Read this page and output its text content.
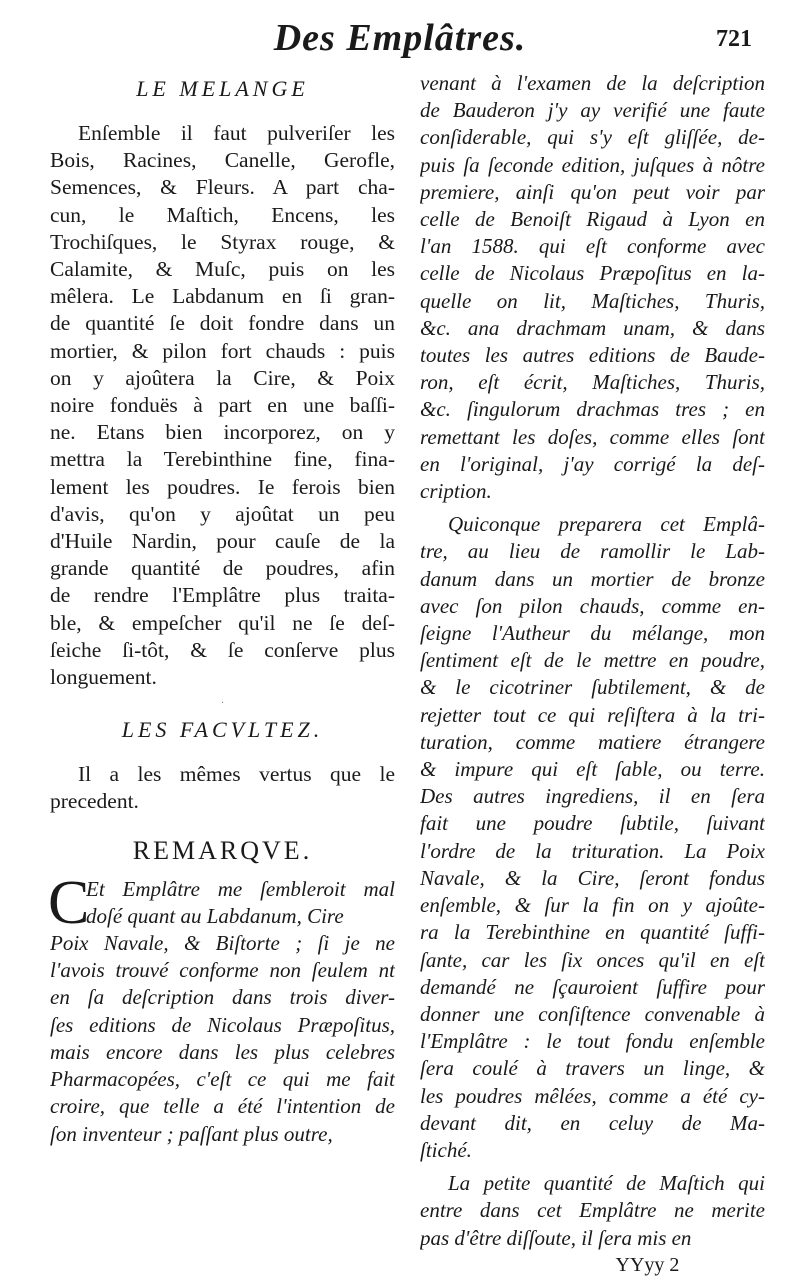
Des Emplâtres.	721
LE MELANGE
Enſemble il faut pulveriſer les
Bois, Racines, Canelle, Gerofle,
Semences, & Fleurs. A part cha-
cun, le Maſtich, Encens, les
Trochiſques, le Styrax rouge, &
Calamite, & Muſc, puis on les
mêlera. Le Labdanum en ſi gran-
de quantité ſe doit fondre dans un
mortier, & pilon fort chauds : puis
on y ajoûtera la Cire, & Poix
noire fonduës à part en une baſſi-
ne. Etans bien incorporez, on y
mettra la Terebinthine fine, fina-
lement les poudres. Ie ferois bien
d'avis, qu'on y ajoûtat un peu
d'Huile Nardin, pour cauſe de la
grande quantité de poudres, afin
de rendre l'Emplâtre plus traita-
ble, & empeſcher qu'il ne ſe deſ-
ſeiche ſi-tôt, & ſe conſerve plus
longuement.
·
LES FACVLTEZ.
Il a les mêmes vertus que le
precedent.
REMARQVE.
C
Et Emplâtre me ſembleroit mal
doſé quant au Labdanum, Cire
Poix Navale, & Biſtorte ; ſi je ne
l'avois trouvé conforme non ſeulem nt
en ſa deſcription dans trois diver-
ſes editions de Nicolaus Præpoſitus,
mais encore dans les plus celebres
Pharmacopées, c'eſt ce qui me fait
croire, que telle a été l'intention de
ſon inventeur ; paſſant plus outre,
venant à l'examen de la deſcription
de Bauderon j'y ay verifié une faute
conſiderable, qui s'y eſt gliſſée, de-
puis ſa ſeconde edition, juſques à nôtre
premiere, ainſi qu'on peut voir par
celle de Benoiſt Rigaud à Lyon en
l'an 1588. qui eſt conforme avec
celle de Nicolaus Præpoſitus en la-
quelle on lit, Maſtiches, Thuris,
&c. ana drachmam unam, & dans
toutes les autres editions de Baude-
ron, eſt écrit, Maſtiches, Thuris,
&c. ſingulorum drachmas tres ; en
remettant les doſes, comme elles ſont
en l'original, j'ay corrigé la deſ-
cription.
Quiconque preparera cet Emplâ-
tre, au lieu de ramollir le Lab-
danum dans un mortier de bronze
avec ſon pilon chauds, comme en-
ſeigne l'Autheur du mélange, mon
ſentiment eſt de le mettre en poudre,
& le cicotriner ſubtilement, & de
rejetter tout ce qui reſiſtera à la tri-
turation, comme matiere étrangere
& impure qui eſt ſable, ou terre.
Des autres ingrediens, il en ſera
fait une poudre ſubtile, ſuivant
l'ordre de la trituration. La Poix
Navale, & la Cire, ſeront fondus
enſemble, & ſur la fin on y ajoûte-
ra la Terebinthine en quantité ſuffi-
ſante, car les ſix onces qu'il en eſt
demandé ne ſçauroient ſuffire pour
donner une conſiſtence convenable à
l'Emplâtre : le tout fondu enſemble
ſera coulé à travers un linge, &
les poudres mêlées, comme a été cy-
devant dit, en celuy de Ma-
ſtiché.
La petite quantité de Maſtich qui
entre dans cet Emplâtre ne merite
pas d'être diſſoute, il ſera mis en
YYyy 2
